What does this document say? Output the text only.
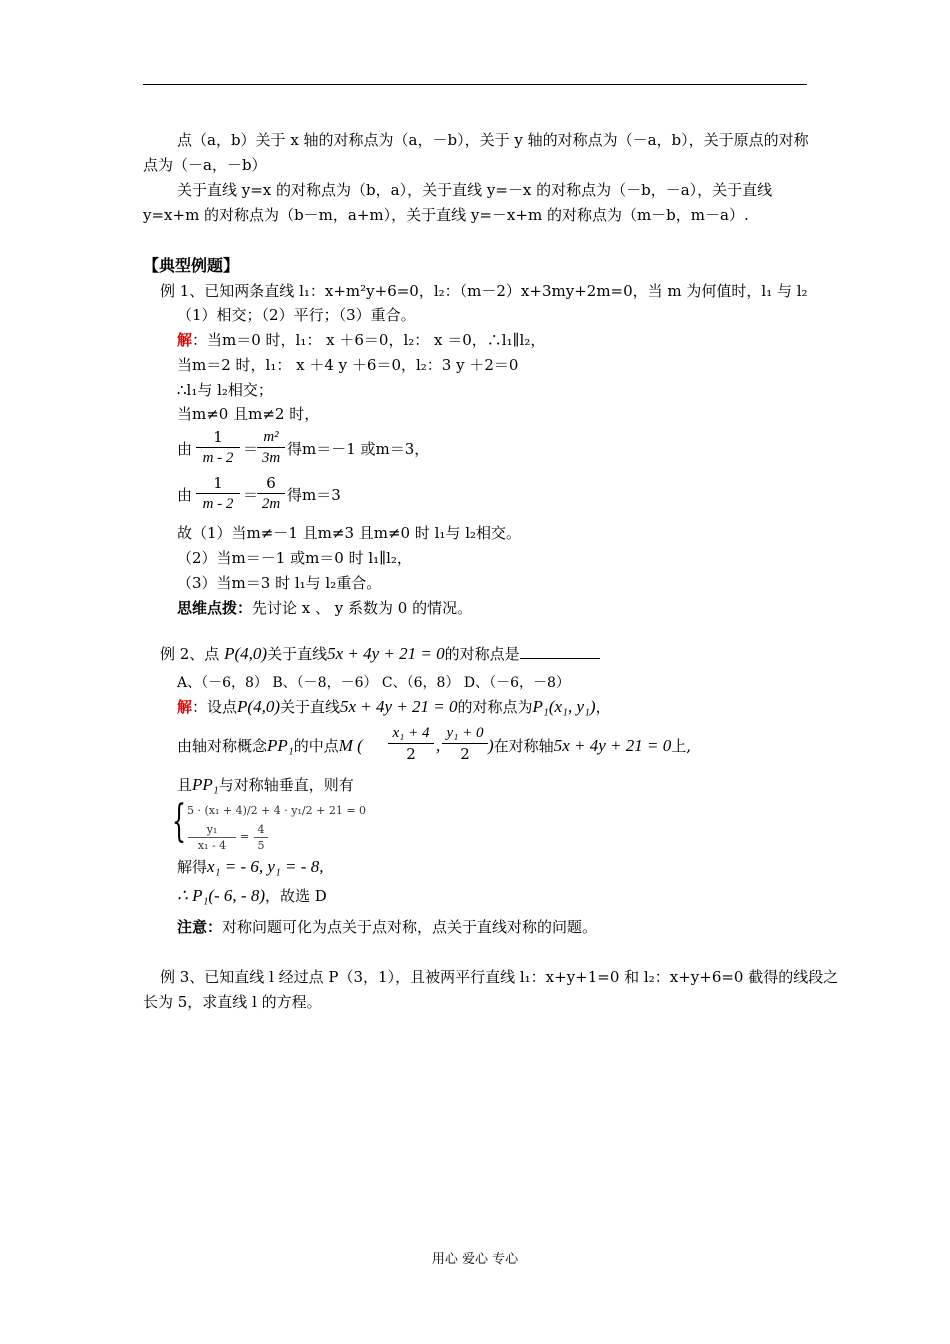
点（a，b）关于 x 轴的对称点为（a，－b），关于 y 轴的对称点为（－a，b），关于原点的对称
点为（－a，－b）
关于直线 y=x 的对称点为（b，a），关于直线 y=－x 的对称点为（－b，－a），关于直线
y=x+m 的对称点为（b－m，a+m），关于直线 y=－x+m 的对称点为（m－b，m－a）.
【典型例题】
例 1、已知两条直线 l₁：x+m²y+6=0，l₂：（m－2）x+3my+2m=0，当 m 为何值时，l₁ 与 l₂
（1）相交；（2）平行；（3）重合。
解：当m＝0 时，l₁： x ＋6＝0，l₂： x ＝0，∴l₁∥l₂，
当m＝2 时，l₁： x ＋4 y ＋6＝0，l₂：3 y ＋2＝0
∴l₁与 l₂相交；
当m≠0 且m≠2 时，
由
1
m - 2 ＝
m²
3m 得m＝－1 或m＝3，
由
1
m - 2 ＝
6
2m 得m＝3
故（1）当m≠－1 且m≠3 且m≠0 时 l₁与 l₂相交。
（2）当m＝－1 或m＝0 时 l₁∥l₂，
（3）当m＝3 时 l₁与 l₂重合。
思维点拨：先讨论 x 、 y 系数为 0 的情况。
例 2、点 P(4,0)关于直线5x + 4y + 21 = 0的对称点是
A、（－6，8） B、（－8，－6） C、（6，8） D、（－6，－8）
解：设点P(4,0)关于直线5x + 4y + 21 = 0的对称点为P₁(x₁, y₁)，
由轴对称概念PP₁的中点M (
x₁ + 4
2	,
y₁ + 0
2	)在对称轴5x + 4y + 21 = 0上,
且PP₁与对称轴垂直，则有
{ 5 · (x₁ + 4)/2 + 4 · y₁/2 + 21 = 0
y₁
x₁ - 4
=
4
5
解得x₁ = - 6, y₁ = - 8,
∴ P₁(- 6, - 8)，故选 D
注意：对称问题可化为点关于点对称，点关于直线对称的问题。
例 3、已知直线 l 经过点 P（3，1），且被两平行直线 l₁：x+y+1=0 和 l₂：x+y+6=0 截得的线段之
长为 5，求直线 l 的方程。
用心 爱心 专心
